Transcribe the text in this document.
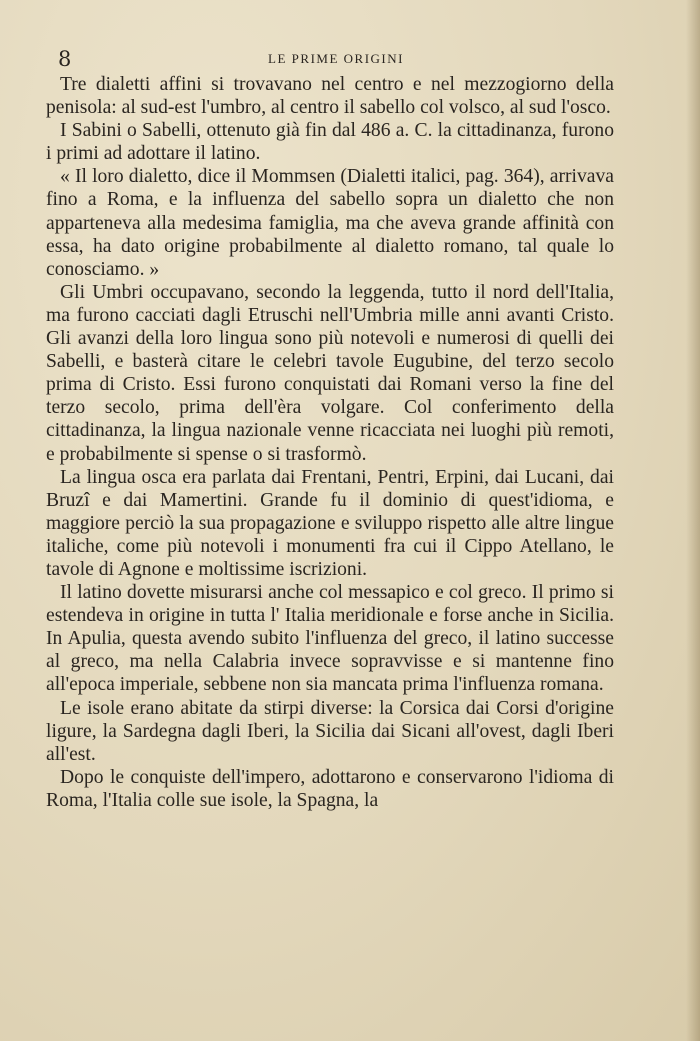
8	LE PRIME ORIGINI

Tre dialetti affini si trovavano nel centro e nel mezzogiorno della penisola: al sud-est l'umbro, al centro il sabello col volsco, al sud l'osco.

I Sabini o Sabelli, ottenuto già fin dal 486 a. C. la cittadinanza, furono i primi ad adottare il latino.

« Il loro dialetto, dice il Mommsen (Dialetti italici, pag. 364), arrivava fino a Roma, e la influenza del sabello sopra un dialetto che non apparteneva alla medesima famiglia, ma che aveva grande affinità con essa, ha dato origine probabilmente al dialetto romano, tal quale lo conosciamo. »

Gli Umbri occupavano, secondo la leggenda, tutto il nord dell'Italia, ma furono cacciati dagli Etruschi nell'Umbria mille anni avanti Cristo. Gli avanzi della loro lingua sono più notevoli e numerosi di quelli dei Sabelli, e basterà citare le celebri tavole Eugubine, del terzo secolo prima di Cristo. Essi furono conquistati dai Romani verso la fine del terzo secolo, prima dell'èra volgare. Col conferimento della cittadinanza, la lingua nazionale venne ricacciata nei luoghi più remoti, e probabilmente si spense o si trasformò.

La lingua osca era parlata dai Frentani, Pentri, Erpini, dai Lucani, dai Bruzî e dai Mamertini. Grande fu il dominio di quest'idioma, e maggiore perciò la sua propagazione e sviluppo rispetto alle altre lingue italiche, come più notevoli i monumenti fra cui il Cippo Atellano, le tavole di Agnone e moltissime iscrizioni.

Il latino dovette misurarsi anche col messapico e col greco. Il primo si estendeva in origine in tutta l' Italia meridionale e forse anche in Sicilia. In Apulia, questa avendo subito l'influenza del greco, il latino successe al greco, ma nella Calabria invece sopravvisse e si mantenne fino all'epoca imperiale, sebbene non sia mancata prima l'influenza romana.

Le isole erano abitate da stirpi diverse: la Corsica dai Corsi d'origine ligure, la Sardegna dagli Iberi, la Sicilia dai Sicani all'ovest, dagli Iberi all'est.

Dopo le conquiste dell'impero, adottarono e conservarono l'idioma di Roma, l'Italia colle sue isole, la Spagna, la
